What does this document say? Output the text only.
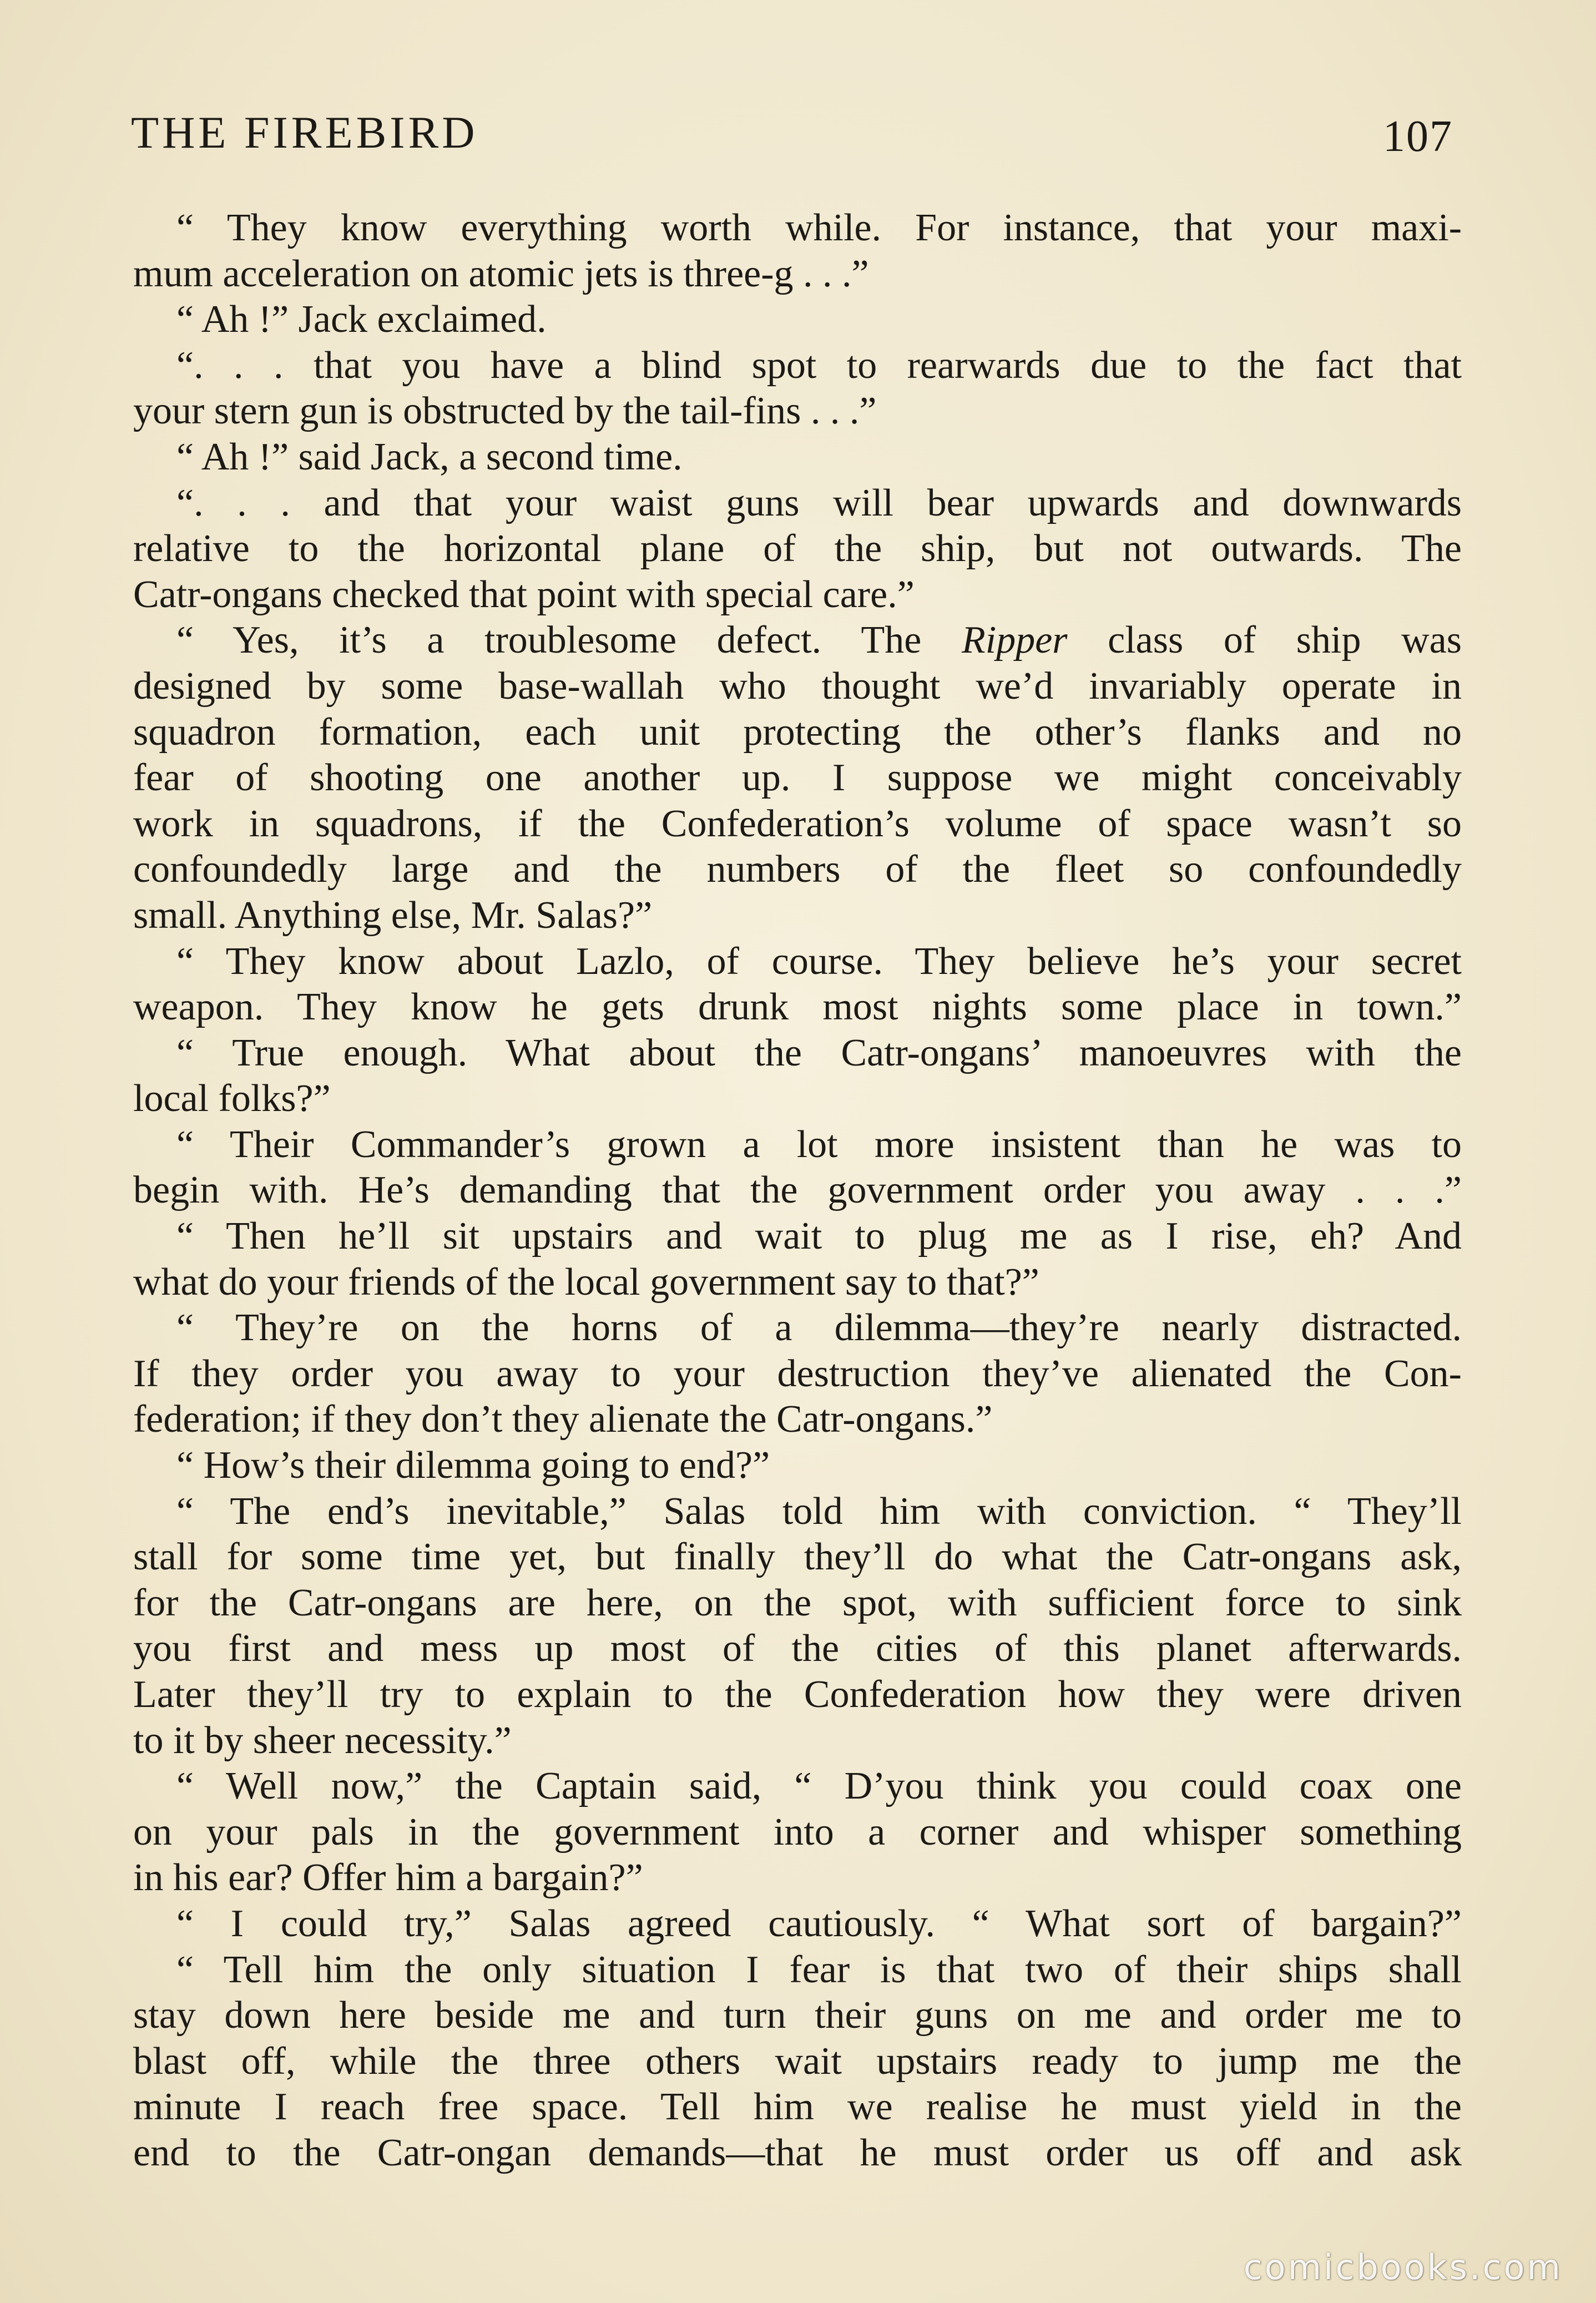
THE FIREBIRD	107
“ They know everything worth while. For instance, that your maxi-
mum acceleration on atomic jets is three-g . . .”
“ Ah !” Jack exclaimed.
“. . . that you have a blind spot to rearwards due to the fact that
your stern gun is obstructed by the tail-fins . . .”
“ Ah !” said Jack, a second time.
“. . . and that your waist guns will bear upwards and downwards
relative to the horizontal plane of the ship, but not outwards. The
Catr-ongans checked that point with special care.”
“ Yes, it’s a troublesome defect. The Ripper class of ship was
designed by some base-wallah who thought we’d invariably operate in
squadron formation, each unit protecting the other’s flanks and no
fear of shooting one another up. I suppose we might conceivably
work in squadrons, if the Confederation’s volume of space wasn’t so
confoundedly large and the numbers of the fleet so confoundedly
small. Anything else, Mr. Salas?”
“ They know about Lazlo, of course. They believe he’s your secret
weapon. They know he gets drunk most nights some place in town.”
“ True enough. What about the Catr-ongans’ manoeuvres with the
local folks?”
“ Their Commander’s grown a lot more insistent than he was to
begin with. He’s demanding that the government order you away . . .”
“ Then he’ll sit upstairs and wait to plug me as I rise, eh? And
what do your friends of the local government say to that?”
“ They’re on the horns of a dilemma—they’re nearly distracted.
If they order you away to your destruction they’ve alienated the Con-
federation; if they don’t they alienate the Catr-ongans.”
“ How’s their dilemma going to end?”
“ The end’s inevitable,” Salas told him with conviction. “ They’ll
stall for some time yet, but finally they’ll do what the Catr-ongans ask,
for the Catr-ongans are here, on the spot, with sufficient force to sink
you first and mess up most of the cities of this planet afterwards.
Later they’ll try to explain to the Confederation how they were driven
to it by sheer necessity.”
“ Well now,” the Captain said, “ D’you think you could coax one
on your pals in the government into a corner and whisper something
in his ear? Offer him a bargain?”
“ I could try,” Salas agreed cautiously. “ What sort of bargain?”
“ Tell him the only situation I fear is that two of their ships shall
stay down here beside me and turn their guns on me and order me to
blast off, while the three others wait upstairs ready to jump me the
minute I reach free space. Tell him we realise he must yield in the
end to the Catr-ongan demands—that he must order us off and ask
comicbooks.com
